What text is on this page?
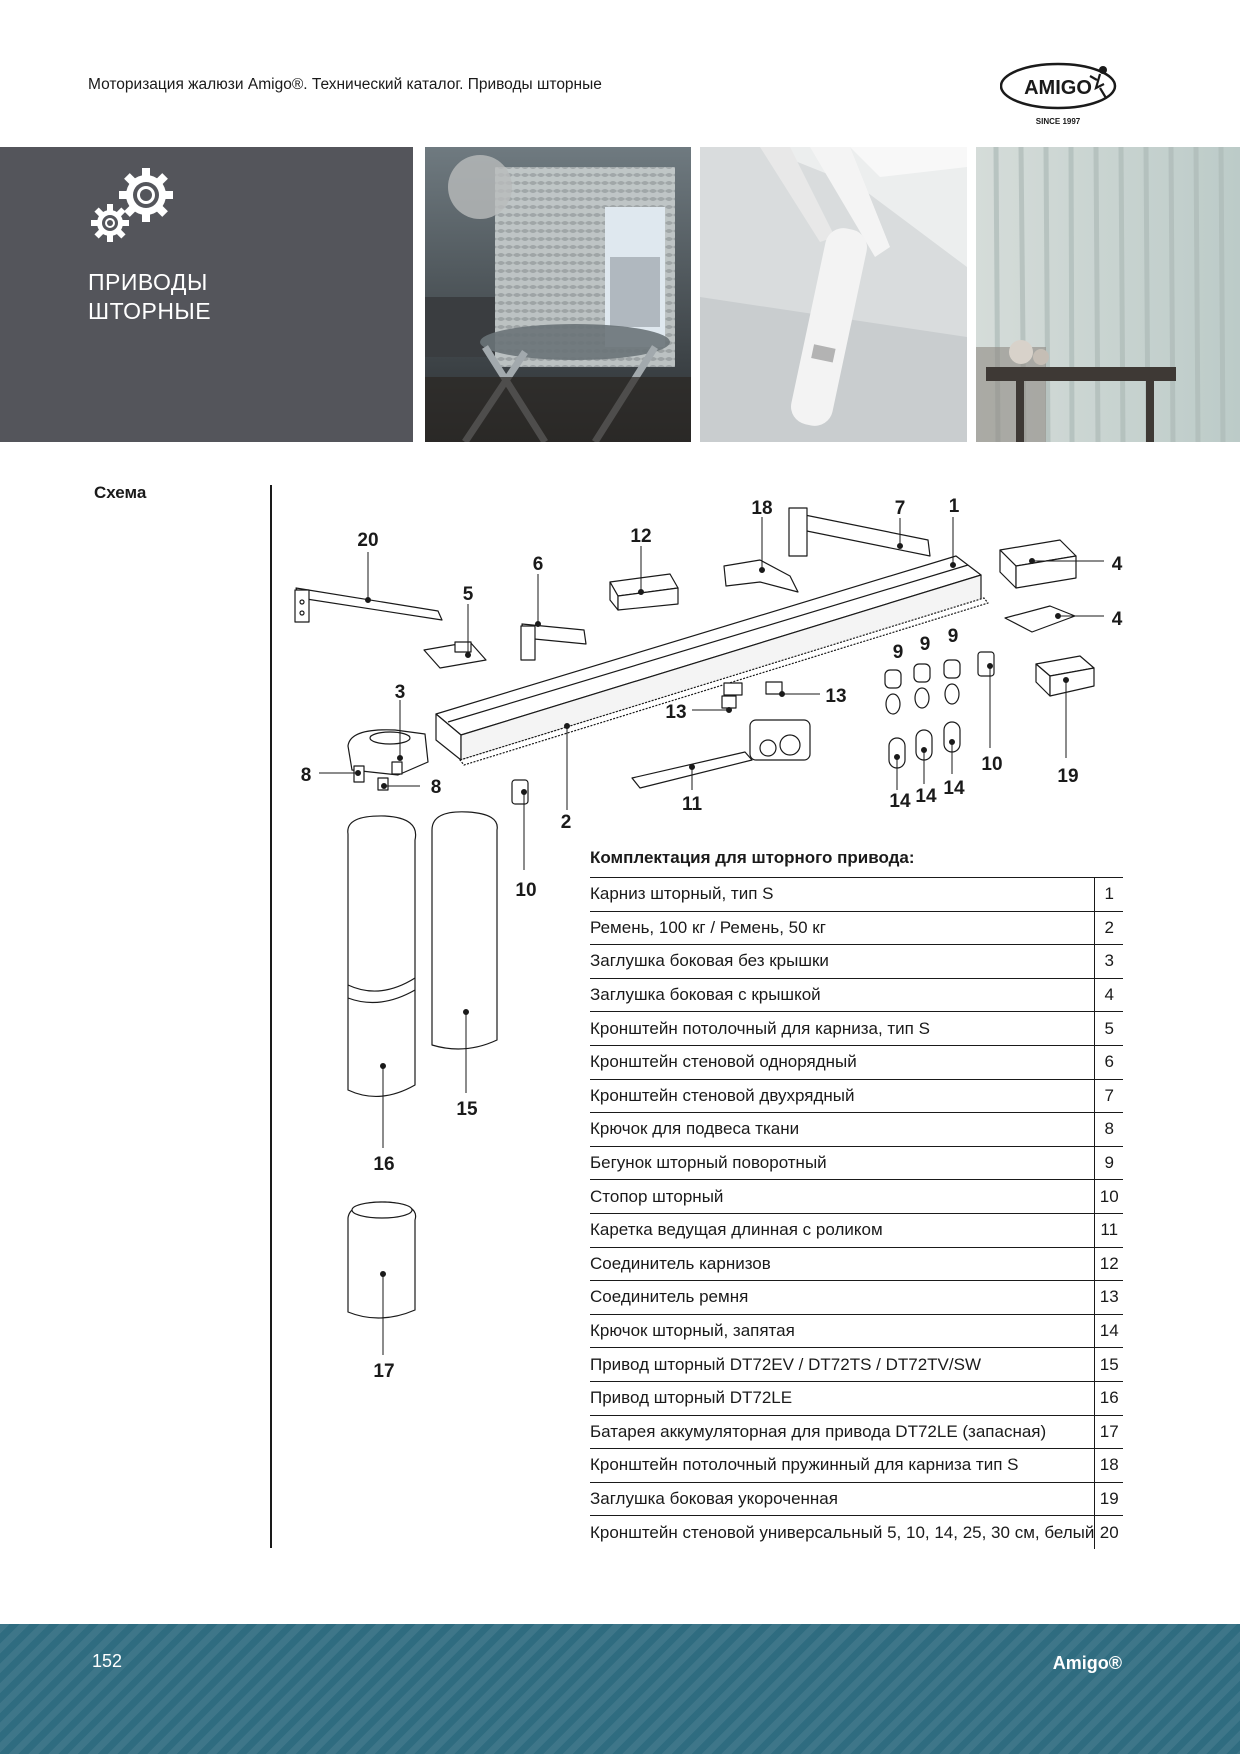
Моторизация жалюзи Amigo®. Технический каталог. Приводы шторные	AMIGO
SINCE 1997
ПРИВОДЫ
ШТОРНЫЕ
Схема
1
2
3
4
4
5
6
7
8
8
9 9 9
10
10
11
12
13
13
14 14 14
15
16
17
18
19
20
Комплектация для шторного привода:
Карниз шторный, тип S	1
Ремень, 100 кг / Ремень, 50 кг	2
Заглушка боковая без крышки	3
Заглушка боковая с крышкой	4
Кронштейн потолочный для карниза, тип S	5
Кронштейн стеновой однорядный	6
Кронштейн стеновой двухрядный	7
Крючок для подвеса ткани	8
Бегунок шторный поворотный	9
Стопор шторный	10
Каретка ведущая длинная с роликом	11
Соединитель карнизов	12
Соединитель ремня	13
Крючок шторный, запятая	14
Привод шторный DT72EV / DT72TS / DT72TV/SW	15
Привод шторный DT72LE	16
Батарея аккумуляторная для привода DT72LE (запасная)	17
Кронштейн потолочный пружинный для карниза тип S	18
Заглушка боковая укороченная	19
Кронштейн стеновой универсальный 5, 10, 14, 25, 30 см, белый	20
152	Amigo®
